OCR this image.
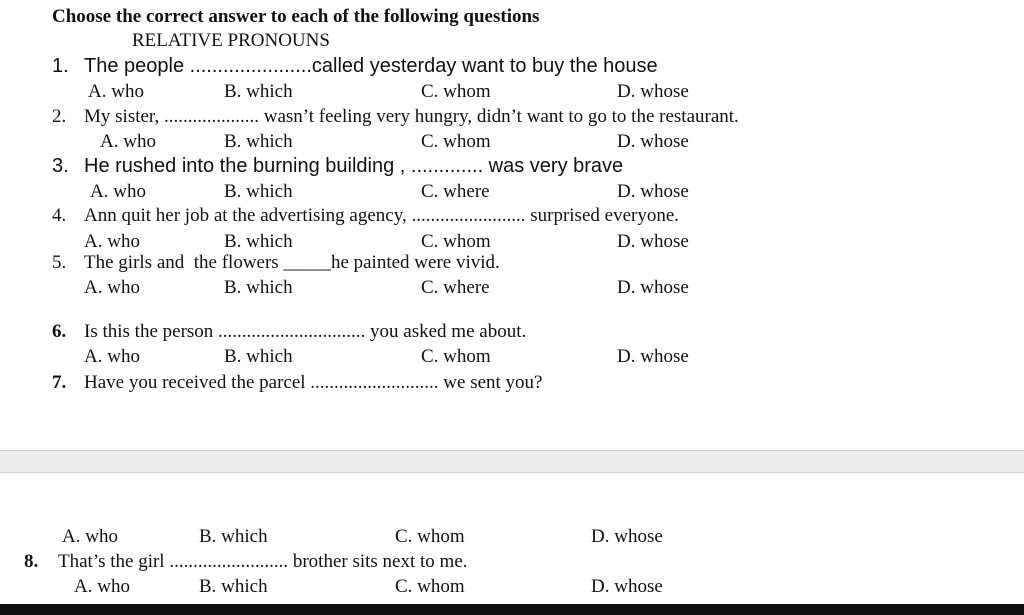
Choose the correct answer to each of the following questions
RELATIVE PRONOUNS
1. The people ......................called yesterday want to buy the house
A. who	B. which	C. whom	D. whose
2. My sister, .................... wasn’t feeling very hungry, didn’t want to go to the restaurant.
A. who	B. which	C. whom	D. whose
3. He rushed into the burning building , ............. was very brave
A. who	B. which	C. where	D. whose
4. Ann quit her job at the advertising agency, ........................ surprised everyone.
A. who	B. which	C. whom	D. whose
5. The girls and  the flowers _____he painted were vivid.
A. who	B. which	C. where	D. whose
6. Is this the person ............................... you asked me about.
A. who	B. which	C. whom	D. whose
7. Have you received the parcel ........................... we sent you?
A. who	B. which	C. whom	D. whose
8. That’s the girl ......................... brother sits next to me.
A. who	B. which	C. whom	D. whose
